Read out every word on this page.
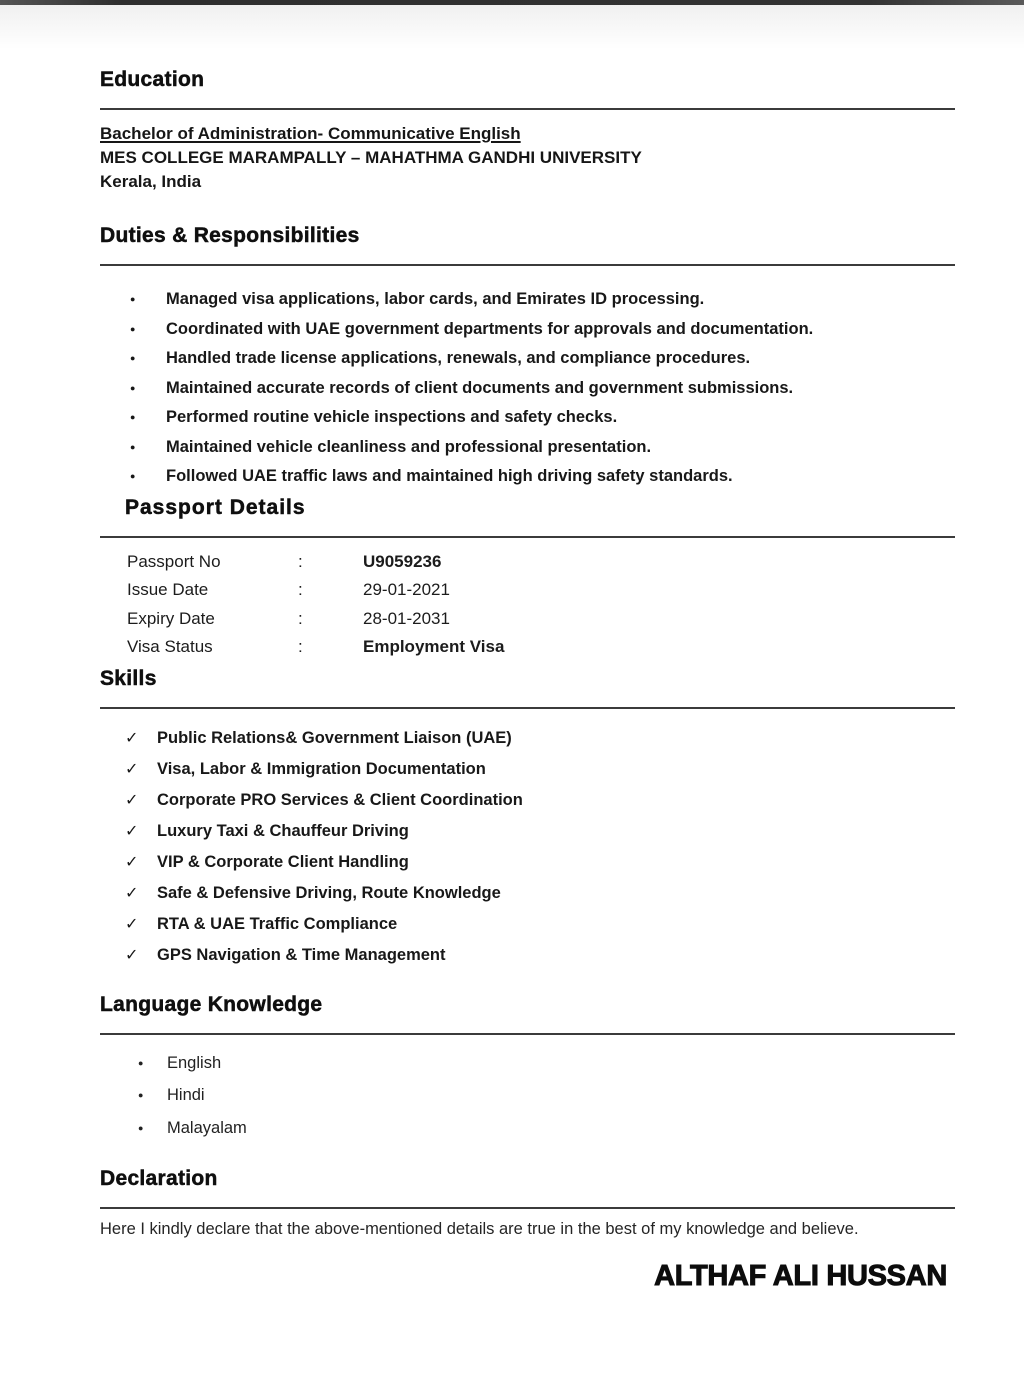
Education

Bachelor of Administration- Communicative English

MES COLLEGE MARAMPALLY – MAHATHMA GANDHI UNIVERSITY

Kerala, India

Duties & Responsibilities
●	Managed visa applications, labor cards, and Emirates ID processing.
●	Coordinated with UAE government departments for approvals and documentation.
●	Handled trade license applications, renewals, and compliance procedures.
●	Maintained accurate records of client documents and government submissions.
●	Performed routine vehicle inspections and safety checks.
●	Maintained vehicle cleanliness and professional presentation.
●	Followed UAE traffic laws and maintained high driving safety standards.
Passport Details
Passport No	:	U9059236
Issue Date	:	29-01-2021
Expiry Date	:	28-01-2031
Visa Status	:	Employment Visa
Skills
✓	Public Relations& Government Liaison (UAE)
✓	Visa, Labor & Immigration Documentation
✓	Corporate PRO Services & Client Coordination
✓	Luxury Taxi & Chauffeur Driving
✓	VIP & Corporate Client Handling
✓	Safe & Defensive Driving, Route Knowledge
✓	RTA & UAE Traffic Compliance
✓	GPS Navigation & Time Management
Language Knowledge
●	English
●	Hindi
●	Malayalam
Declaration

Here I kindly declare that the above-mentioned details are true in the best of my knowledge and believe.

ALTHAF ALI HUSSAN
